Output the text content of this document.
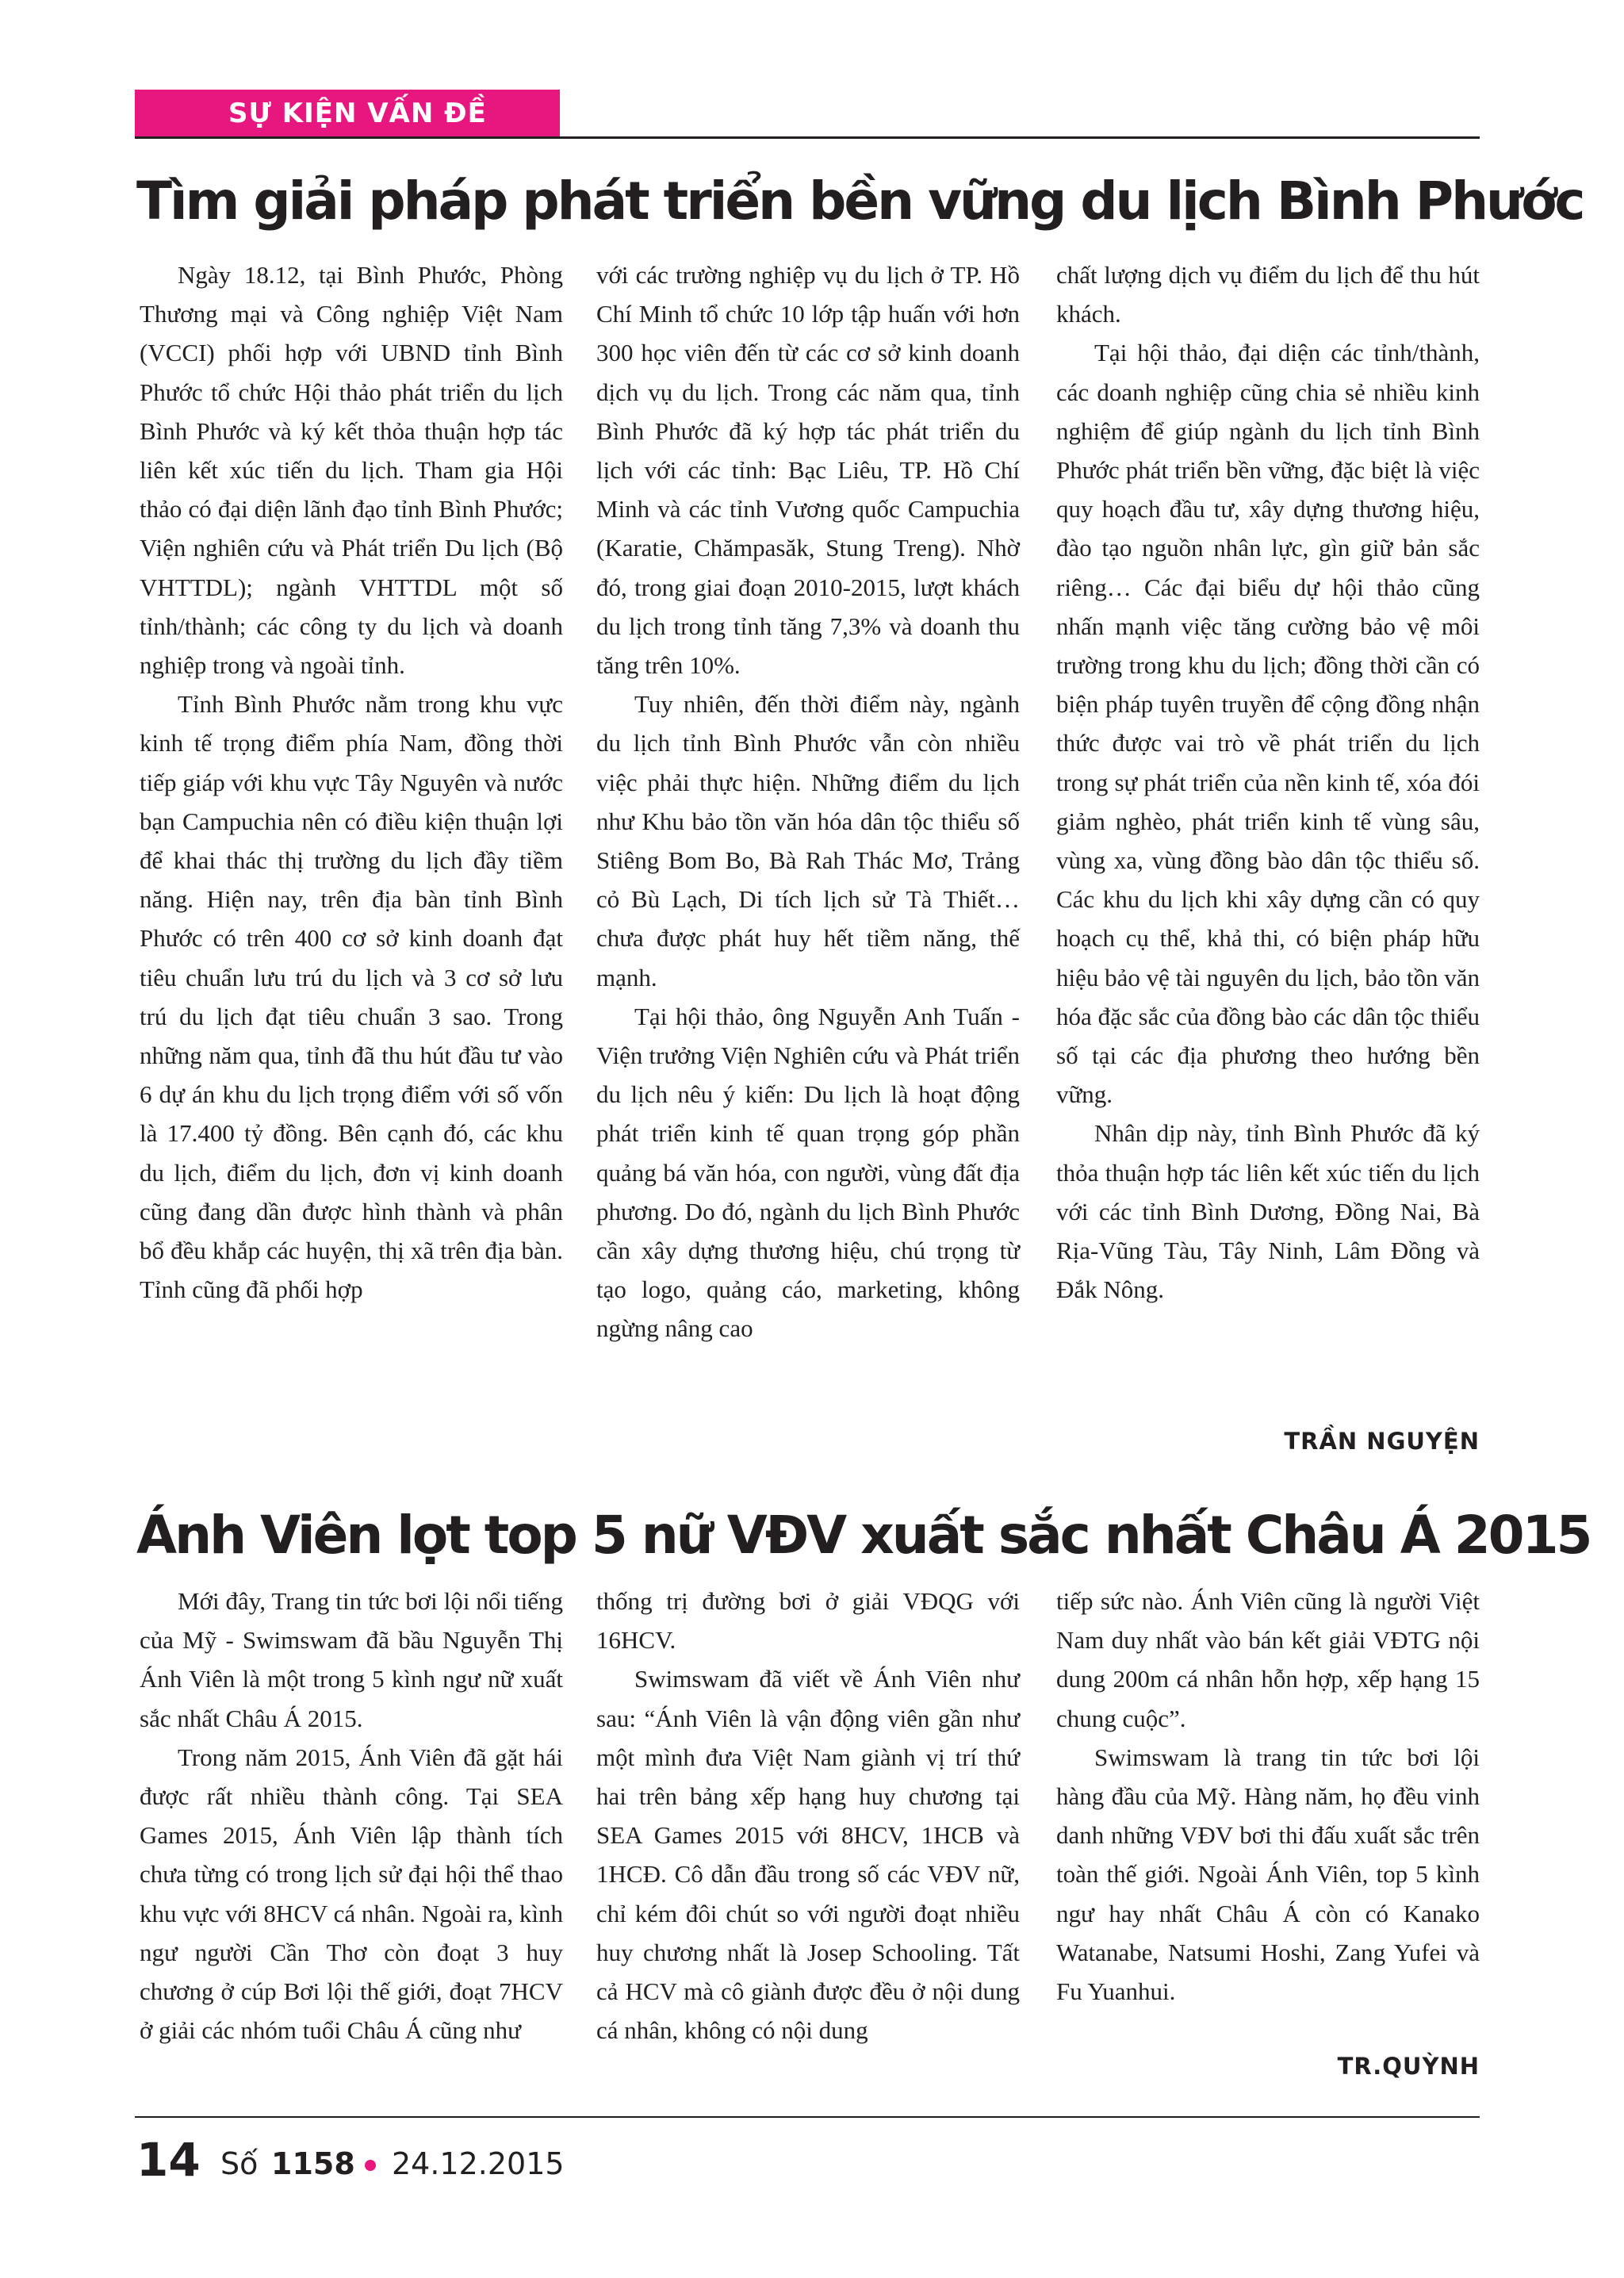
SỰ KIỆN VẤN ĐỀ
Tìm giải pháp phát triển bền vững du lịch Bình Phước

Ngày 18.12, tại Bình Phước, Phòng Thương mại và Công nghiệp Việt Nam (VCCI) phối hợp với UBND tỉnh Bình Phước tổ chức Hội thảo phát triển du lịch Bình Phước và ký kết thỏa thuận hợp tác liên kết xúc tiến du lịch. Tham gia Hội thảo có đại diện lãnh đạo tỉnh Bình Phước; Viện nghiên cứu và Phát triển Du lịch (Bộ VHTTDL); ngành VHTTDL một số tỉnh/thành; các công ty du lịch và doanh nghiệp trong và ngoài tỉnh.

Tỉnh Bình Phước nằm trong khu vực kinh tế trọng điểm phía Nam, đồng thời tiếp giáp với khu vực Tây Nguyên và nước bạn Campuchia nên có điều kiện thuận lợi để khai thác thị trường du lịch đầy tiềm năng. Hiện nay, trên địa bàn tỉnh Bình Phước có trên 400 cơ sở kinh doanh đạt tiêu chuẩn lưu trú du lịch và 3 cơ sở lưu trú du lịch đạt tiêu chuẩn 3 sao. Trong những năm qua, tỉnh đã thu hút đầu tư vào 6 dự án khu du lịch trọng điểm với số vốn là 17.400 tỷ đồng. Bên cạnh đó, các khu du lịch, điểm du lịch, đơn vị kinh doanh cũng đang dần được hình thành và phân bổ đều khắp các huyện, thị xã trên địa bàn. Tỉnh cũng đã phối hợp

với các trường nghiệp vụ du lịch ở TP. Hồ Chí Minh tổ chức 10 lớp tập huấn với hơn 300 học viên đến từ các cơ sở kinh doanh dịch vụ du lịch. Trong các năm qua, tỉnh Bình Phước đã ký hợp tác phát triển du lịch với các tỉnh: Bạc Liêu, TP. Hồ Chí Minh và các tỉnh Vương quốc Campuchia (Karatie, Chămpasăk, Stung Treng). Nhờ đó, trong giai đoạn 2010-2015, lượt khách du lịch trong tỉnh tăng 7,3% và doanh thu tăng trên 10%.

Tuy nhiên, đến thời điểm này, ngành du lịch tỉnh Bình Phước vẫn còn nhiều việc phải thực hiện. Những điểm du lịch như Khu bảo tồn văn hóa dân tộc thiểu số Stiêng Bom Bo, Bà Rah Thác Mơ, Trảng cỏ Bù Lạch, Di tích lịch sử Tà Thiết… chưa được phát huy hết tiềm năng, thế mạnh.

Tại hội thảo, ông Nguyễn Anh Tuấn - Viện trưởng Viện Nghiên cứu và Phát triển du lịch nêu ý kiến: Du lịch là hoạt động phát triển kinh tế quan trọng góp phần quảng bá văn hóa, con người, vùng đất địa phương. Do đó, ngành du lịch Bình Phước cần xây dựng thương hiệu, chú trọng từ tạo logo, quảng cáo, marketing, không ngừng nâng cao

chất lượng dịch vụ điểm du lịch để thu hút khách.

Tại hội thảo, đại diện các tỉnh/thành, các doanh nghiệp cũng chia sẻ nhiều kinh nghiệm để giúp ngành du lịch tỉnh Bình Phước phát triển bền vững, đặc biệt là việc quy hoạch đầu tư, xây dựng thương hiệu, đào tạo nguồn nhân lực, gìn giữ bản sắc riêng… Các đại biểu dự hội thảo cũng nhấn mạnh việc tăng cường bảo vệ môi trường trong khu du lịch; đồng thời cần có biện pháp tuyên truyền để cộng đồng nhận thức được vai trò về phát triển du lịch trong sự phát triển của nền kinh tế, xóa đói giảm nghèo, phát triển kinh tế vùng sâu, vùng xa, vùng đồng bào dân tộc thiểu số. Các khu du lịch khi xây dựng cần có quy hoạch cụ thể, khả thi, có biện pháp hữu hiệu bảo vệ tài nguyên du lịch, bảo tồn văn hóa đặc sắc của đồng bào các dân tộc thiểu số tại các địa phương theo hướng bền vững.

Nhân dịp này, tỉnh Bình Phước đã ký thỏa thuận hợp tác liên kết xúc tiến du lịch với các tỉnh Bình Dương, Đồng Nai, Bà Rịa-Vũng Tàu, Tây Ninh, Lâm Đồng và Đắk Nông.

TRẦN NGUYỆN
Ánh Viên lọt top 5 nữ VĐV xuất sắc nhất Châu Á 2015

Mới đây, Trang tin tức bơi lội nổi tiếng của Mỹ - Swimswam đã bầu Nguyễn Thị Ánh Viên là một trong 5 kình ngư nữ xuất sắc nhất Châu Á 2015.

Trong năm 2015, Ánh Viên đã gặt hái được rất nhiều thành công. Tại SEA Games 2015, Ánh Viên lập thành tích chưa từng có trong lịch sử đại hội thể thao khu vực với 8HCV cá nhân. Ngoài ra, kình ngư người Cần Thơ còn đoạt 3 huy chương ở cúp Bơi lội thế giới, đoạt 7HCV ở giải các nhóm tuổi Châu Á cũng như

thống trị đường bơi ở giải VĐQG với 16HCV.

Swimswam đã viết về Ánh Viên như sau: “Ánh Viên là vận động viên gần như một mình đưa Việt Nam giành vị trí thứ hai trên bảng xếp hạng huy chương tại SEA Games 2015 với 8HCV, 1HCB và 1HCĐ. Cô dẫn đầu trong số các VĐV nữ, chỉ kém đôi chút so với người đoạt nhiều huy chương nhất là Josep Schooling. Tất cả HCV mà cô giành được đều ở nội dung cá nhân, không có nội dung

tiếp sức nào. Ánh Viên cũng là người Việt Nam duy nhất vào bán kết giải VĐTG nội dung 200m cá nhân hỗn hợp, xếp hạng 15 chung cuộc”.

Swimswam là trang tin tức bơi lội hàng đầu của Mỹ. Hàng năm, họ đều vinh danh những VĐV bơi thi đấu xuất sắc trên toàn thế giới. Ngoài Ánh Viên, top 5 kình ngư hay nhất Châu Á còn có Kanako Watanabe, Natsumi Hoshi, Zang Yufei và Fu Yuanhui.

TR.QUỲNH
14 Số 1158 24.12.2015
